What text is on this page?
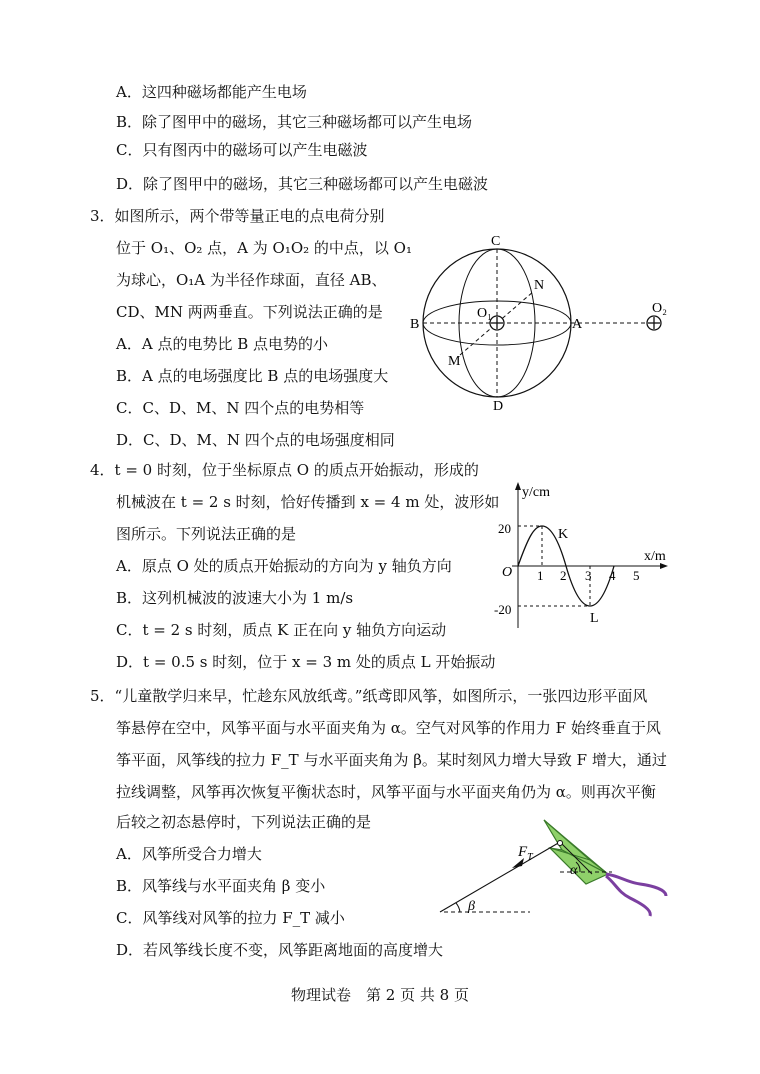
A．这四种磁场都能产生电场
B．除了图甲中的磁场，其它三种磁场都可以产生电场
C．只有图丙中的磁场可以产生电磁波
D．除了图甲中的磁场，其它三种磁场都可以产生电磁波
3．如图所示，两个带等量正电的点电荷分别
位于 O₁、O₂ 点，A 为 O₁O₂ 的中点，以 O₁
为球心，O₁A 为半径作球面，直径 AB、
CD、MN 两两垂直。下列说法正确的是
A．A 点的电势比 B 点电势的小
B．A 点的电场强度比 B 点的电场强度大
C．C、D、M、N 四个点的电势相等
D．C、D、M、N 四个点的电场强度相同
C
D
B	A
N
M
O₁	O₂
4．t = 0 时刻，位于坐标原点 O 的质点开始振动，形成的
机械波在 t = 2 s 时刻，恰好传播到 x = 4 m 处，波形如
图所示。下列说法正确的是
A．原点 O 处的质点开始振动的方向为 y 轴负方向
B．这列机械波的波速大小为 1 m/s
C．t = 2 s 时刻，质点 K 正在向 y 轴负方向运动
D．t = 0.5 s 时刻，位于 x = 3 m 处的质点 L 开始振动
y/cm
x/m
O
20
-20
1 2 3 4 5
K
L
5．“儿童散学归来早，忙趁东风放纸鸢。”纸鸢即风筝，如图所示，一张四边形平面风
筝悬停在空中，风筝平面与水平面夹角为 α。空气对风筝的作用力 F 始终垂直于风
筝平面，风筝线的拉力 F_T 与水平面夹角为 β。某时刻风力增大导致 F 增大，通过
拉线调整，风筝再次恢复平衡状态时，风筝平面与水平面夹角仍为 α。则再次平衡
后较之初态悬停时，下列说法正确的是
A．风筝所受合力增大
B．风筝线与水平面夹角 β 变小
C．风筝线对风筝的拉力 F_T 减小
D．若风筝线长度不变，风筝距离地面的高度增大
$F_T$
β
α
物理试卷　第 2 页 共 8 页
